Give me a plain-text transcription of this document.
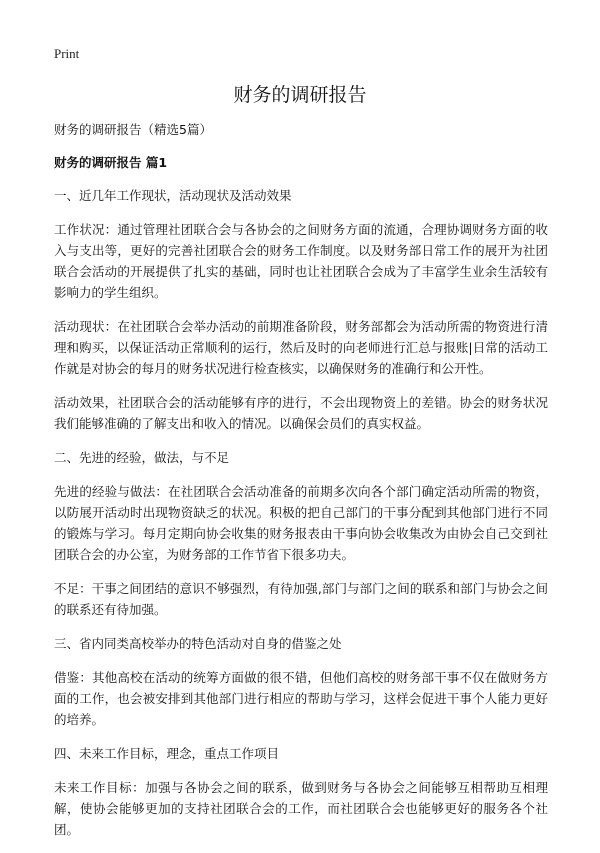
Print
财务的调研报告

财务的调研报告（精选5篇）

财务的调研报告 篇1

一、近几年工作现状，活动现状及活动效果

工作状况：通过管理社团联合会与各协会的之间财务方面的流通，合理协调财务方面的收入与支出等，更好的完善社团联合会的财务工作制度。以及财务部日常工作的展开为社团联合会活动的开展提供了扎实的基础，同时也让社团联合会成为了丰富学生业余生活较有影响力的学生组织。

活动现状：在社团联合会举办活动的前期准备阶段，财务部都会为活动所需的物资进行清理和购买，以保证活动正常顺利的运行，然后及时的向老师进行汇总与报账|日常的活动工作就是对协会的每月的财务状况进行检查核实，以确保财务的准确行和公开性。

活动效果，社团联合会的活动能够有序的进行，不会出现物资上的差错。协会的财务状况我们能够准确的了解支出和收入的情况。以确保会员们的真实权益。

二、先进的经验，做法，与不足

先进的经验与做法：在社团联合会活动准备的前期多次向各个部门确定活动所需的物资，以防展开活动时出现物资缺乏的状况。积极的把自己部门的干事分配到其他部门进行不同的锻炼与学习。每月定期向协会收集的财务报表由干事向协会收集改为由协会自己交到社团联合会的办公室，为财务部的工作节省下很多功夫。

不足：干事之间团结的意识不够强烈，有待加强,部门与部门之间的联系和部门与协会之间的联系还有待加强。

三、省内同类高校举办的特色活动对自身的借鉴之处

借鉴：其他高校在活动的统筹方面做的很不错，但他们高校的财务部干事不仅在做财务方面的工作，也会被安排到其他部门进行相应的帮助与学习，这样会促进干事个人能力更好的培养。

四、未来工作目标，理念，重点工作项目

未来工作目标：加强与各协会之间的联系，做到财务与各协会之间能够互相帮助互相理解，使协会能够更加的支持社团联合会的工作，而社团联合会也能够更好的服务各个社团。
